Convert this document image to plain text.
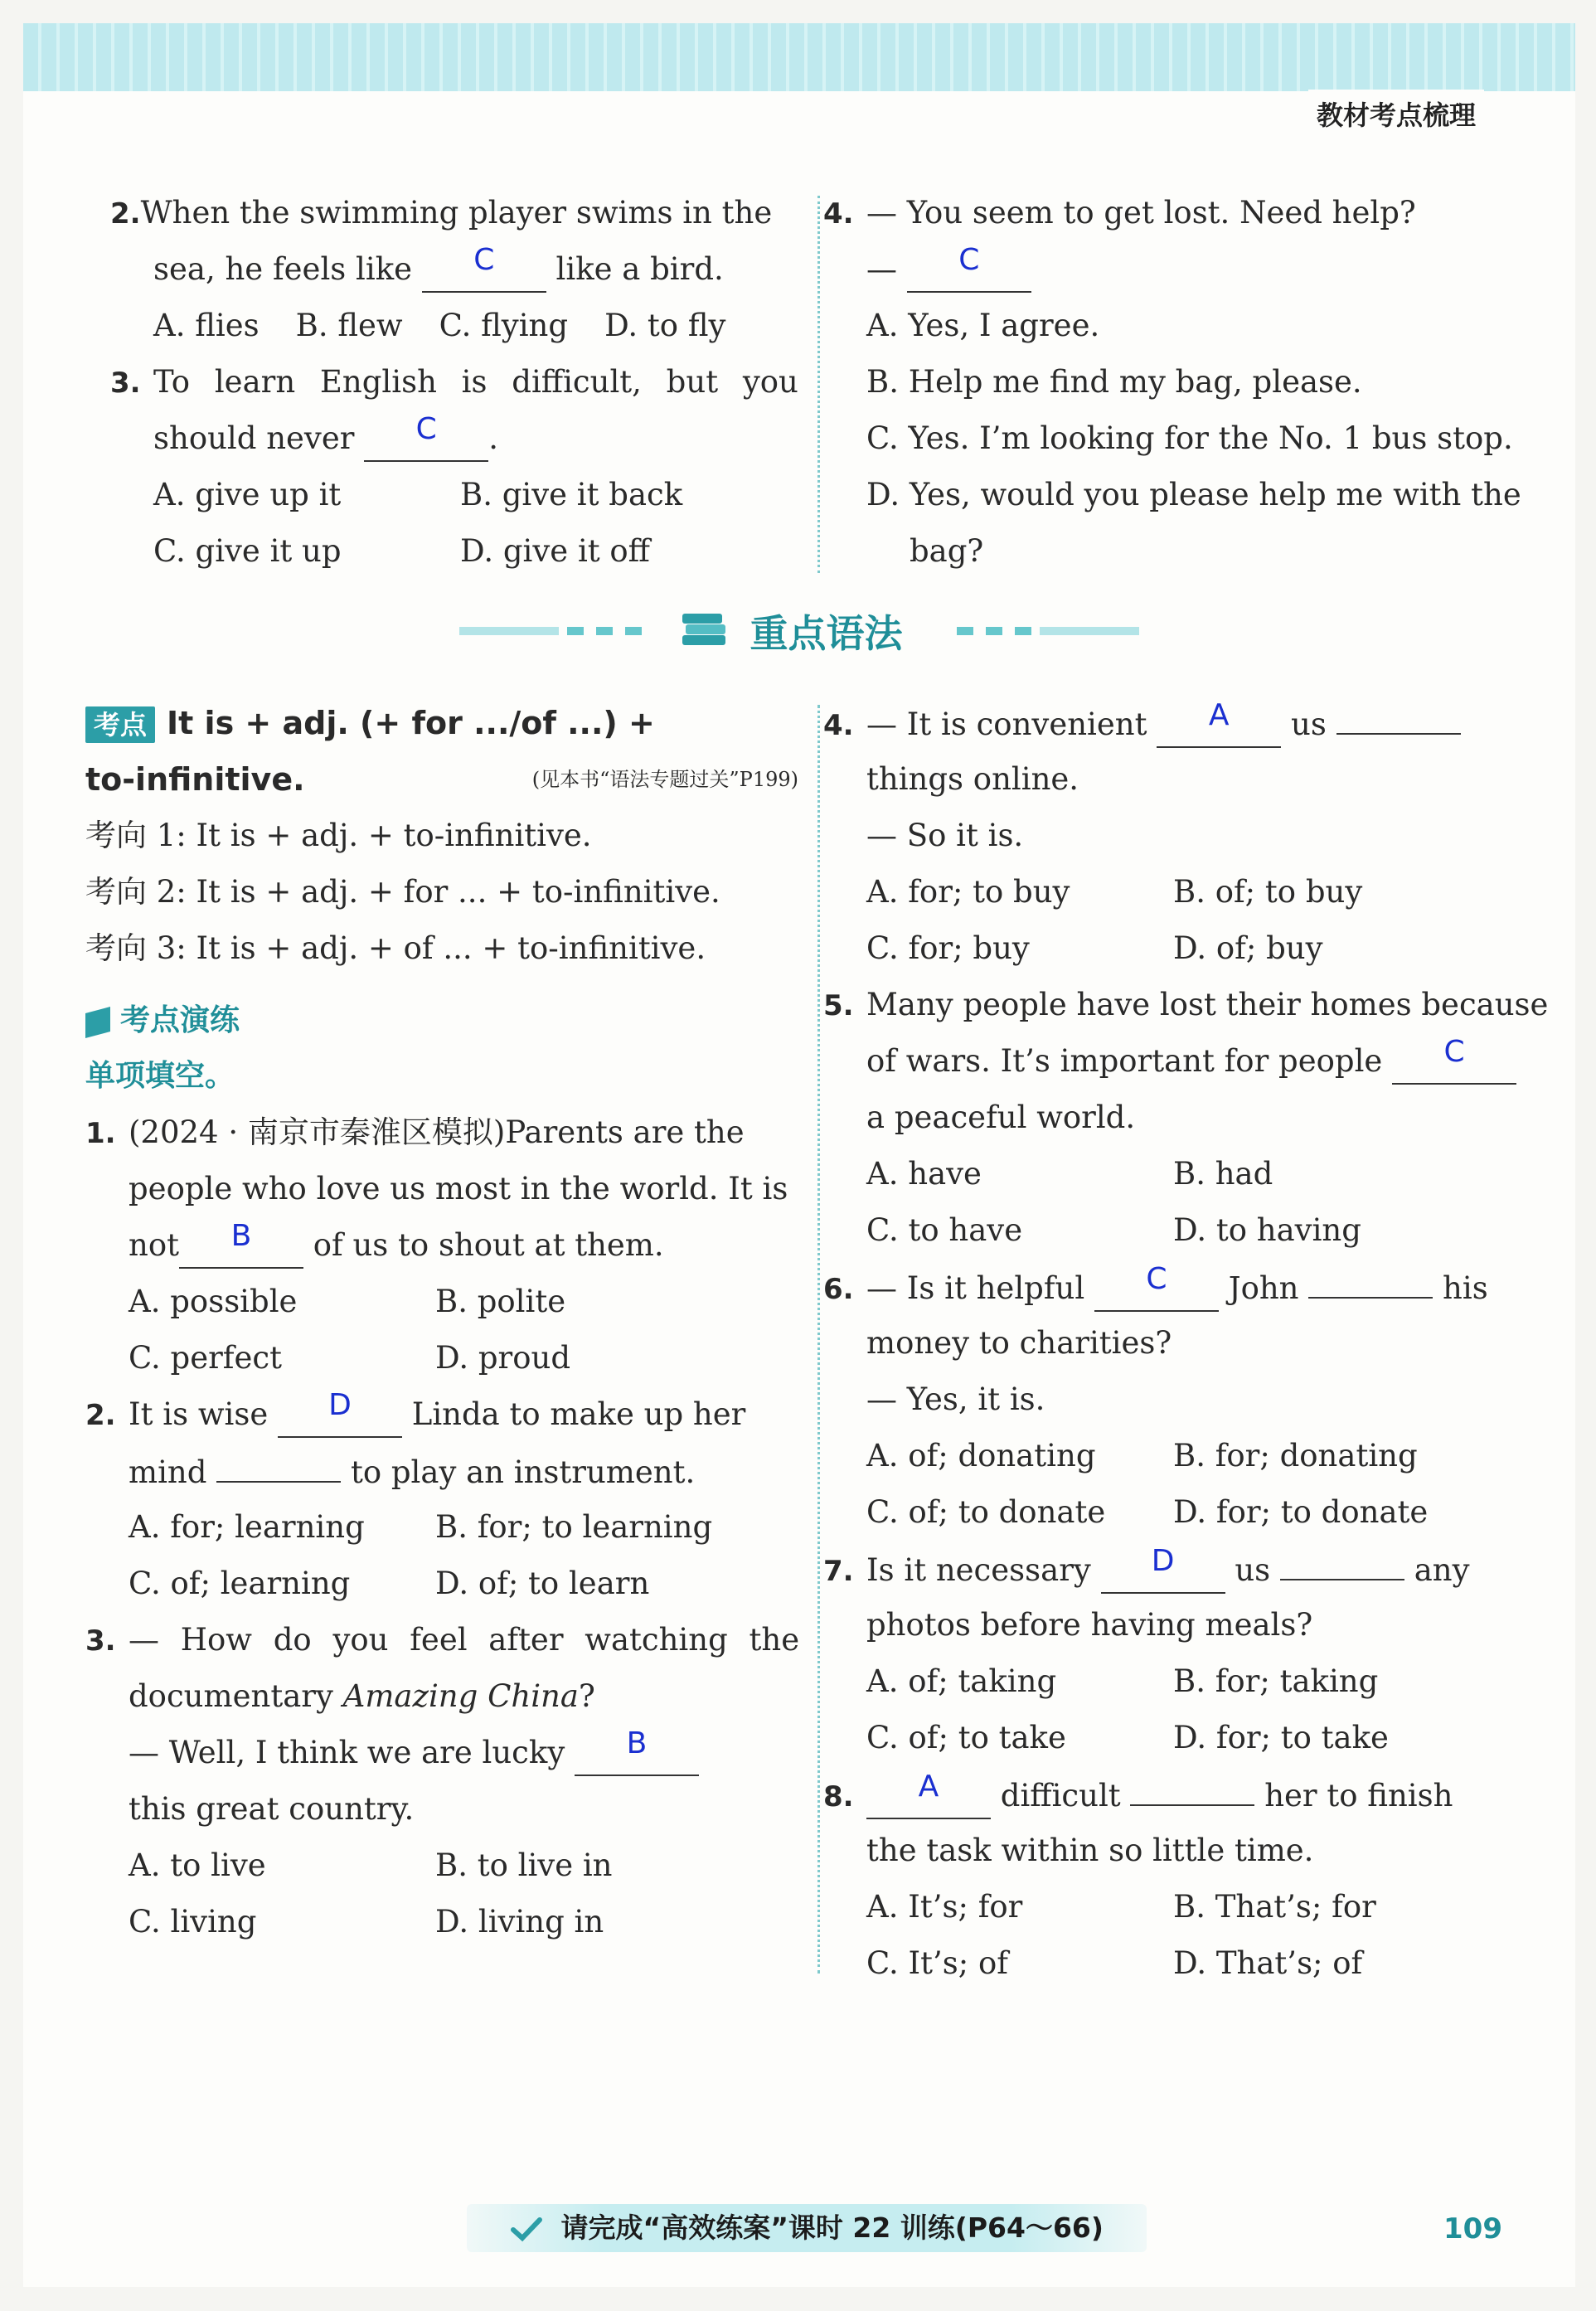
教材考点梳理
2. When the swimming player swims in the
sea, he feels like C like a bird.
A. flies B. flew C. flying D. to fly
3. To learn English is difficult, but you
should never C .
A. give up it	B. give it back
C. give it up	D. give it off
4. — You seem to get lost. Need help?
— C
A. Yes, I agree.
B. Help me find my bag, please.
C. Yes. I’m looking for the No. 1 bus stop.
D. Yes, would you please help me with the
bag?
重点语法
考点 It is + adj. (+ for .../of ...) +
to-infinitive.	(见本书“语法专题过关”P199)
考向 1: It is + adj. + to-infinitive.
考向 2: It is + adj. + for ... + to-infinitive.
考向 3: It is + adj. + of ... + to-infinitive.
考点演练
单项填空。
1. (2024 · 南京市秦淮区模拟)Parents are the
people who love us most in the world. It is
not B of us to shout at them.
A. possible	B. polite
C. perfect	D. proud
2. It is wise D Linda to make up her
mind	to play an instrument.
A. for; learning B. for; to learning
C. of; learning	D. of; to learn
3. — How do you feel after watching the
documentary Amazing China?
— Well, I think we are lucky B
this great country.
A. to live	B. to live in
C. living	D. living in
4. — It is convenient A us
things online.
— So it is.
A. for; to buy	B. of; to buy
C. for; buy	D. of; buy
5. Many people have lost their homes because
of wars. It’s important for people C
a peaceful world.
A. have	B. had
C. to have	D. to having
6. — Is it helpful C John	his
money to charities?
— Yes, it is.
A. of; donating	B. for; donating
C. of; to donate D. for; to donate
7. Is it necessary D us	any
photos before having meals?
A. of; taking	B. for; taking
C. of; to take	D. for; to take
8. A difficult	her to finish
the task within so little time.
A. It’s; for	B. That’s; for
C. It’s; of	D. That’s; of
请完成“高效练案”课时 22 训练(P64～66)	109
